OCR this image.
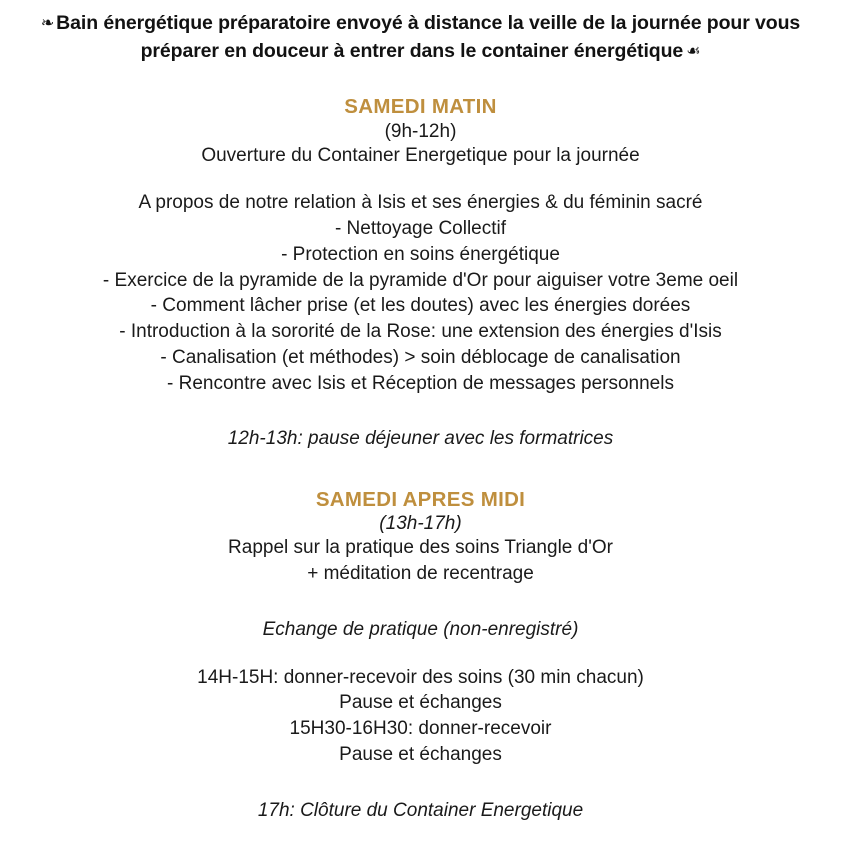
❧ Bain énergétique préparatoire envoyé à distance la veille de la journée pour vous préparer en douceur à entrer dans le container énergétique ☙

SAMEDI MATIN
(9h-12h)
Ouverture du Container Energetique pour la journée
A propos de notre relation à Isis et ses énergies & du féminin sacré
- Nettoyage Collectif
- Protection en soins énergétique
- Exercice de la pyramide de la pyramide d'Or pour aiguiser votre 3eme oeil
- Comment lâcher prise (et les doutes) avec les énergies dorées
- Introduction à la sororité de la Rose: une extension des énergies d'Isis
- Canalisation (et méthodes) > soin déblocage de canalisation
- Rencontre avec Isis et Réception de messages personnels
12h-13h: pause déjeuner avec les formatrices
SAMEDI APRES MIDI
(13h-17h)
Rappel sur la pratique des soins Triangle d'Or
+ méditation de recentrage
Echange de pratique (non-enregistré)
14H-15H: donner-recevoir des soins (30 min chacun)
Pause et échanges
15H30-16H30: donner-recevoir
Pause et échanges
17h: Clôture du Container Energetique
